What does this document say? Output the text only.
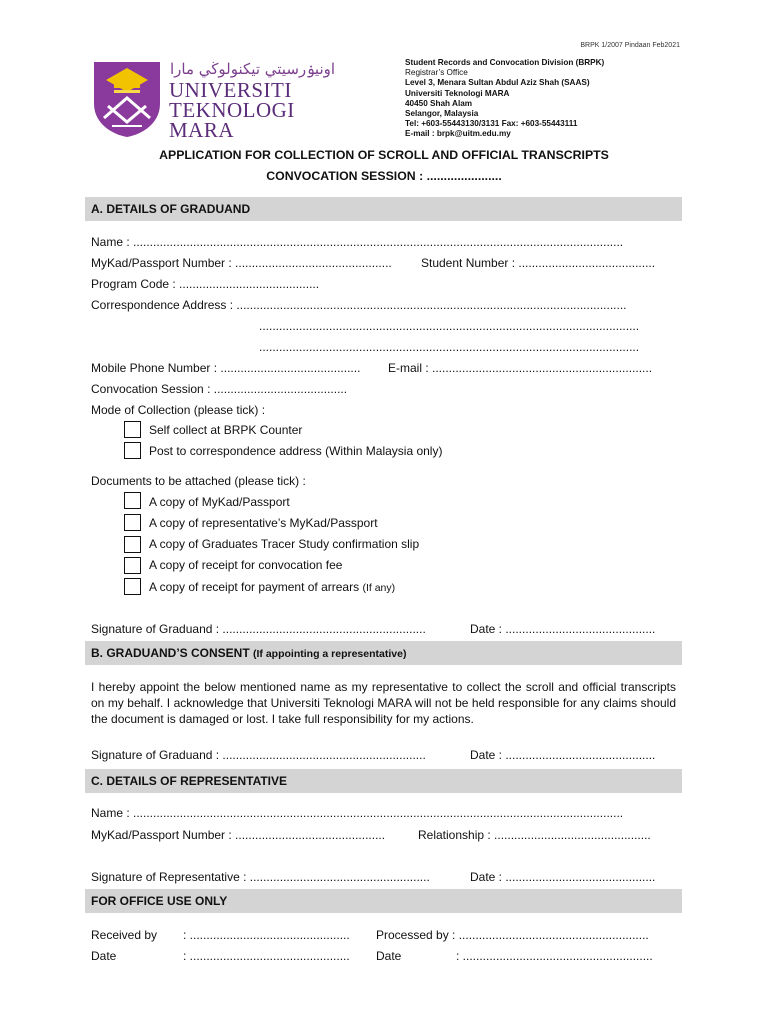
BRPK 1/2007 Pindaan Feb2021
اونيۏرسيتي تيكنولوڬي مارا
UNIVERSITI
TEKNOLOGI
MARA
Student Records and Convocation Division (BRPK)
Registrar’s Office
Level 3, Menara Sultan Abdul Aziz Shah (SAAS)
Universiti Teknologi MARA
40450 Shah Alam
Selangor, Malaysia
Tel: +603-55443130/3131 Fax: +603-55443111
E-mail : brpk@uitm.edu.my
APPLICATION FOR COLLECTION OF SCROLL AND OFFICIAL TRANSCRIPTS
CONVOCATION SESSION : ......................
A. DETAILS OF GRADUAND
Name : ...................................................................................................................................................
MyKad/Passport Number : ............................................... Student Number : .........................................
Program Code : ..........................................
Correspondence Address : .....................................................................................................................
..................................................................................................................
..................................................................................................................
Mobile Phone Number : .......................................... E-mail : ..................................................................
Convocation Session : ........................................
Mode of Collection (please tick) :
Self collect at BRPK Counter
Post to correspondence address (Within Malaysia only)
Documents to be attached (please tick) :
A copy of MyKad/Passport
A copy of representative’s MyKad/Passport
A copy of Graduates Tracer Study confirmation slip
A copy of receipt for convocation fee
A copy of receipt for payment of arrears (If any)
Signature of Graduand : .............................................................	Date : .............................................
B. GRADUAND’S CONSENT (If appointing a representative)
I hereby appoint the below mentioned name as my representative to collect the scroll and official transcripts on my behalf. I acknowledge that Universiti Teknologi MARA will not be held responsible for any claims should the document is damaged or lost. I take full responsibility for my actions.
Signature of Graduand : .............................................................	Date : .............................................
C. DETAILS OF REPRESENTATIVE
Name : ...................................................................................................................................................
MyKad/Passport Number : .............................................	Relationship : ...............................................
Signature of Representative : ......................................................	Date : .............................................
FOR OFFICE USE ONLY
Received by : ................................................ Processed by : .........................................................
Date	: ................................................ Date	: .........................................................
